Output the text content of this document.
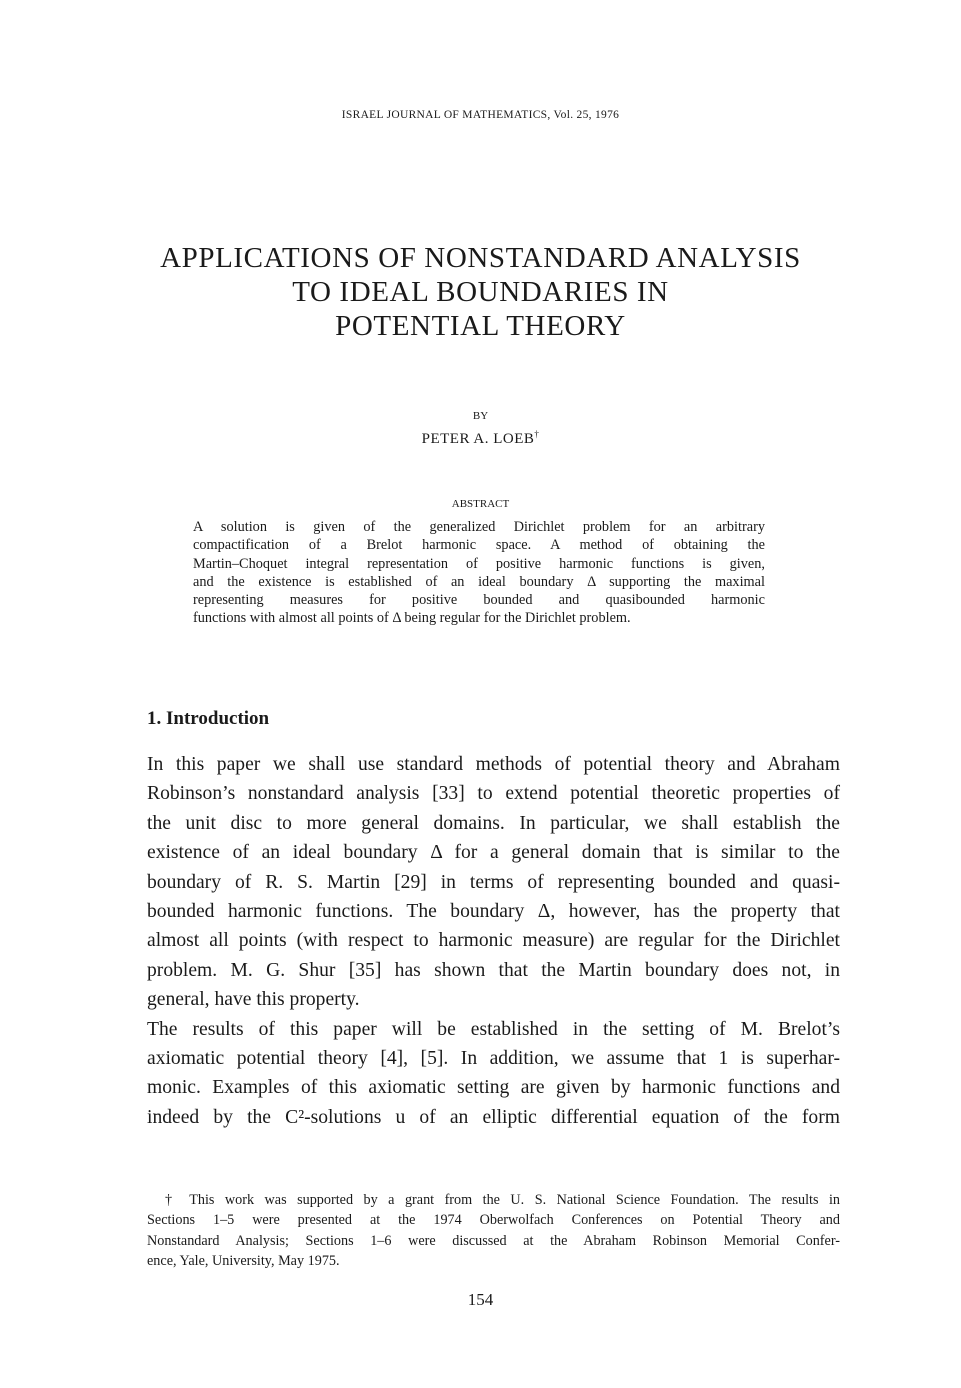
ISRAEL JOURNAL OF MATHEMATICS, Vol. 25, 1976
APPLICATIONS OF NONSTANDARD ANALYSIS
TO IDEAL BOUNDARIES IN
POTENTIAL THEORY
BY
PETER A. LOEB†
ABSTRACT
A solution is given of the generalized Dirichlet problem for an arbitrary
compactification of a Brelot harmonic space. A method of obtaining the
Martin–Choquet integral representation of positive harmonic functions is given,
and the existence is established of an ideal boundary Δ supporting the maximal
representing measures for positive bounded and quasibounded harmonic
functions with almost all points of Δ being regular for the Dirichlet problem.
1. Introduction
In this paper we shall use standard methods of potential theory and Abraham
Robinson’s nonstandard analysis [33] to extend potential theoretic properties of
the unit disc to more general domains. In particular, we shall establish the
existence of an ideal boundary Δ for a general domain that is similar to the
boundary of R. S. Martin [29] in terms of representing bounded and quasi-
bounded harmonic functions. The boundary Δ, however, has the property that
almost all points (with respect to harmonic measure) are regular for the Dirichlet
problem. M. G. Shur [35] has shown that the Martin boundary does not, in
general, have this property.
The results of this paper will be established in the setting of M. Brelot’s
axiomatic potential theory [4], [5]. In addition, we assume that 1 is superhar-
monic. Examples of this axiomatic setting are given by harmonic functions and
indeed by the C²-solutions u of an elliptic differential equation of the form
† This work was supported by a grant from the U. S. National Science Foundation. The results in
Sections 1–5 were presented at the 1974 Oberwolfach Conferences on Potential Theory and
Nonstandard Analysis; Sections 1–6 were discussed at the Abraham Robinson Memorial Confer-
ence, Yale, University, May 1975.
154
